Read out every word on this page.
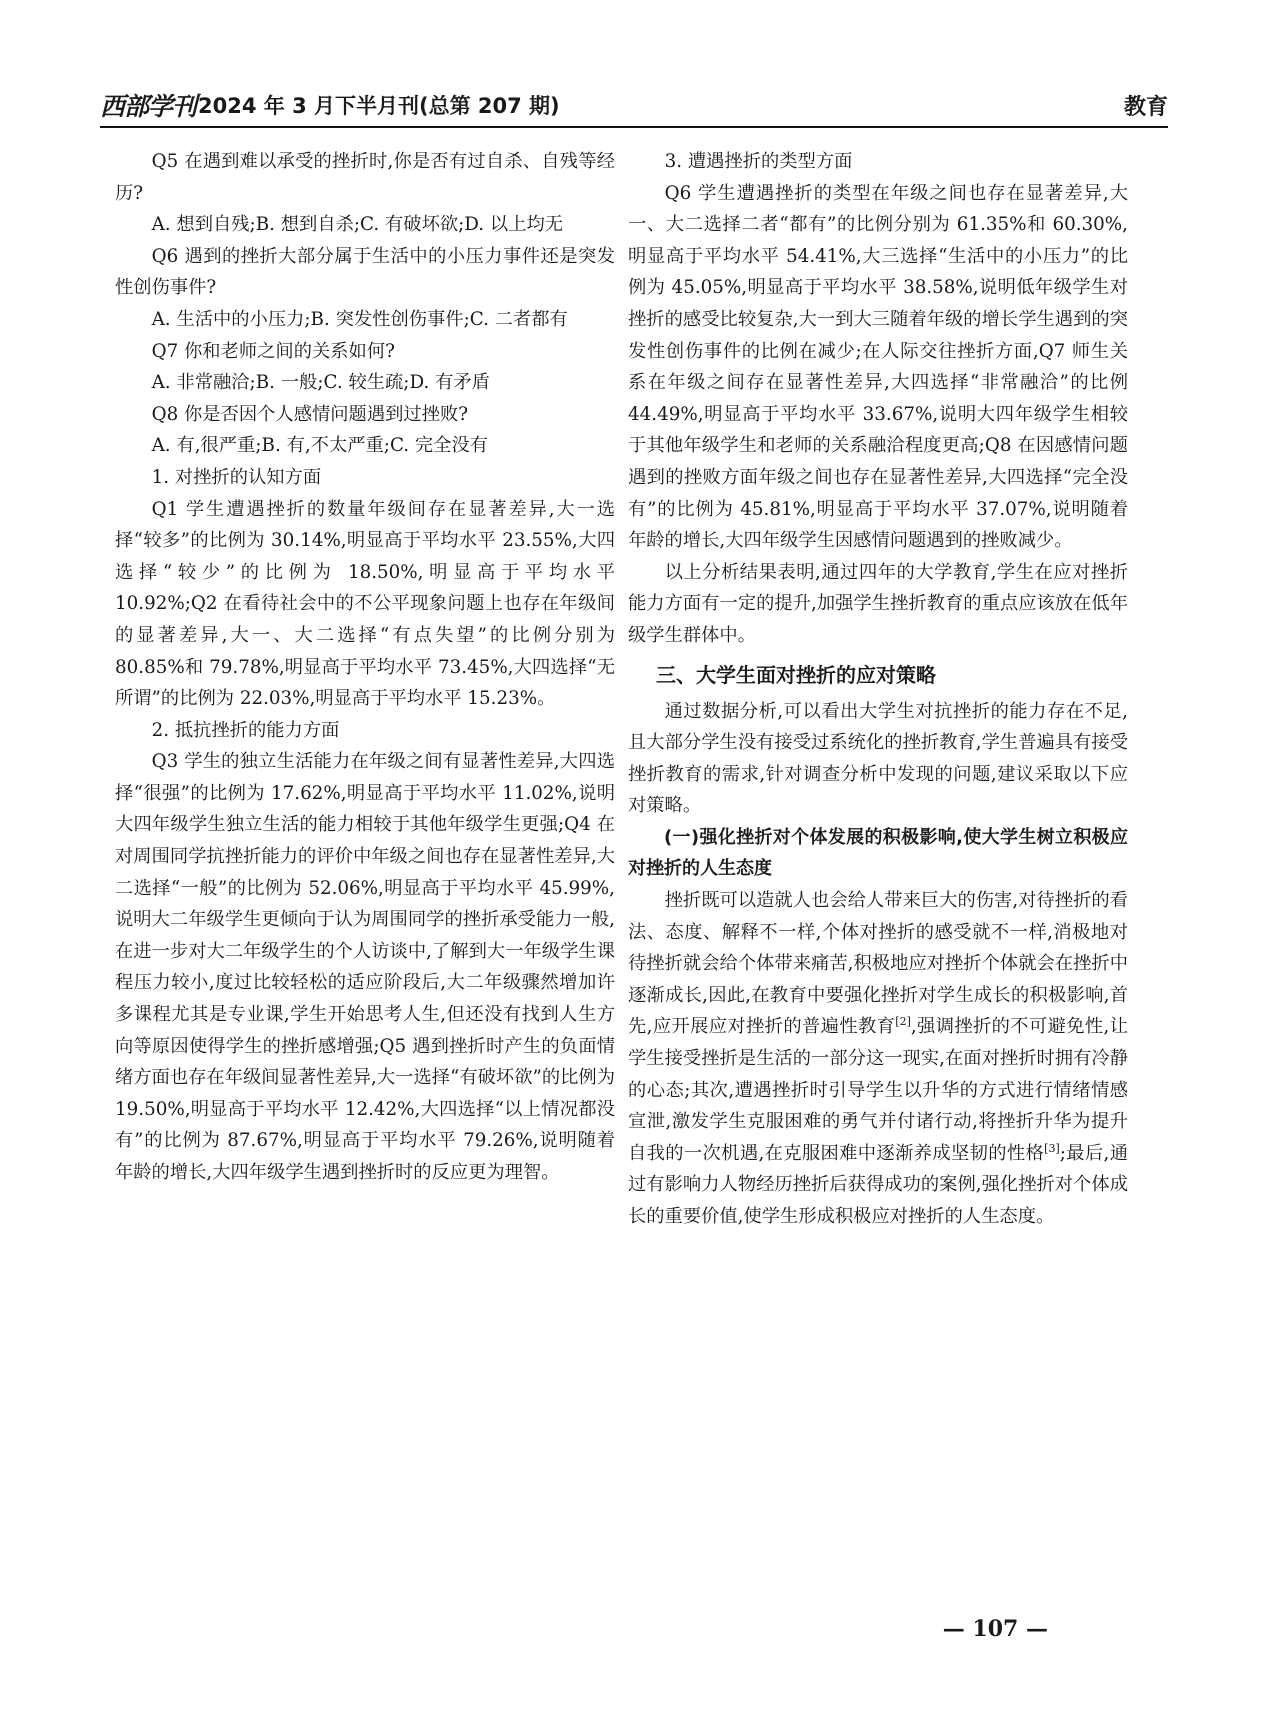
西部学刊 2024 年 3 月下半月刊(总第 207 期)	教育

Q5 在遇到难以承受的挫折时,你是否有过自杀、自残等经历?

A. 想到自残;B. 想到自杀;C. 有破坏欲;D. 以上均无

Q6 遇到的挫折大部分属于生活中的小压力事件还是突发性创伤事件?

A. 生活中的小压力;B. 突发性创伤事件;C. 二者都有

Q7 你和老师之间的关系如何?

A. 非常融洽;B. 一般;C. 较生疏;D. 有矛盾

Q8 你是否因个人感情问题遇到过挫败?

A. 有,很严重;B. 有,不太严重;C. 完全没有

1. 对挫折的认知方面

Q1 学生遭遇挫折的数量年级间存在显著差异,大一选择“较多”的比例为 30.14%,明显高于平均水平 23.55%,大四选择“较少”的比例为 18.50%,明显高于平均水平 10.92%;Q2 在看待社会中的不公平现象问题上也存在年级间的显著差异,大一、大二选择“有点失望”的比例分别为 80.85%和 79.78%,明显高于平均水平 73.45%,大四选择“无所谓”的比例为 22.03%,明显高于平均水平 15.23%。

2. 抵抗挫折的能力方面

Q3 学生的独立生活能力在年级之间有显著性差异,大四选择“很强”的比例为 17.62%,明显高于平均水平 11.02%,说明大四年级学生独立生活的能力相较于其他年级学生更强;Q4 在对周围同学抗挫折能力的评价中年级之间也存在显著性差异,大二选择“一般”的比例为 52.06%,明显高于平均水平 45.99%,说明大二年级学生更倾向于认为周围同学的挫折承受能力一般,在进一步对大二年级学生的个人访谈中,了解到大一年级学生课程压力较小,度过比较轻松的适应阶段后,大二年级骤然增加许多课程尤其是专业课,学生开始思考人生,但还没有找到人生方向等原因使得学生的挫折感增强;Q5 遇到挫折时产生的负面情绪方面也存在年级间显著性差异,大一选择“有破坏欲”的比例为 19.50%,明显高于平均水平 12.42%,大四选择“以上情况都没有”的比例为 87.67%,明显高于平均水平 79.26%,说明随着年龄的增长,大四年级学生遇到挫折时的反应更为理智。

3. 遭遇挫折的类型方面

Q6 学生遭遇挫折的类型在年级之间也存在显著差异,大一、大二选择二者“都有”的比例分别为 61.35%和 60.30%,明显高于平均水平 54.41%,大三选择“生活中的小压力”的比例为 45.05%,明显高于平均水平 38.58%,说明低年级学生对挫折的感受比较复杂,大一到大三随着年级的增长学生遇到的突发性创伤事件的比例在减少;在人际交往挫折方面,Q7 师生关系在年级之间存在显著性差异,大四选择“非常融洽”的比例 44.49%,明显高于平均水平 33.67%,说明大四年级学生相较于其他年级学生和老师的关系融洽程度更高;Q8 在因感情问题遇到的挫败方面年级之间也存在显著性差异,大四选择“完全没有”的比例为 45.81%,明显高于平均水平 37.07%,说明随着年龄的增长,大四年级学生因感情问题遇到的挫败减少。

以上分析结果表明,通过四年的大学教育,学生在应对挫折能力方面有一定的提升,加强学生挫折教育的重点应该放在低年级学生群体中。

三、大学生面对挫折的应对策略

通过数据分析,可以看出大学生对抗挫折的能力存在不足,且大部分学生没有接受过系统化的挫折教育,学生普遍具有接受挫折教育的需求,针对调查分析中发现的问题,建议采取以下应对策略。

(一)强化挫折对个体发展的积极影响,使大学生树立积极应对挫折的人生态度

挫折既可以造就人也会给人带来巨大的伤害,对待挫折的看法、态度、解释不一样,个体对挫折的感受就不一样,消极地对待挫折就会给个体带来痛苦,积极地应对挫折个体就会在挫折中逐渐成长,因此,在教育中要强化挫折对学生成长的积极影响,首先,应开展应对挫折的普遍性教育[2],强调挫折的不可避免性,让学生接受挫折是生活的一部分这一现实,在面对挫折时拥有冷静的心态;其次,遭遇挫折时引导学生以升华的方式进行情绪情感宣泄,激发学生克服困难的勇气并付诸行动,将挫折升华为提升自我的一次机遇,在克服困难中逐渐养成坚韧的性格[3];最后,通过有影响力人物经历挫折后获得成功的案例,强化挫折对个体成长的重要价值,使学生形成积极应对挫折的人生态度。

— 107 —
